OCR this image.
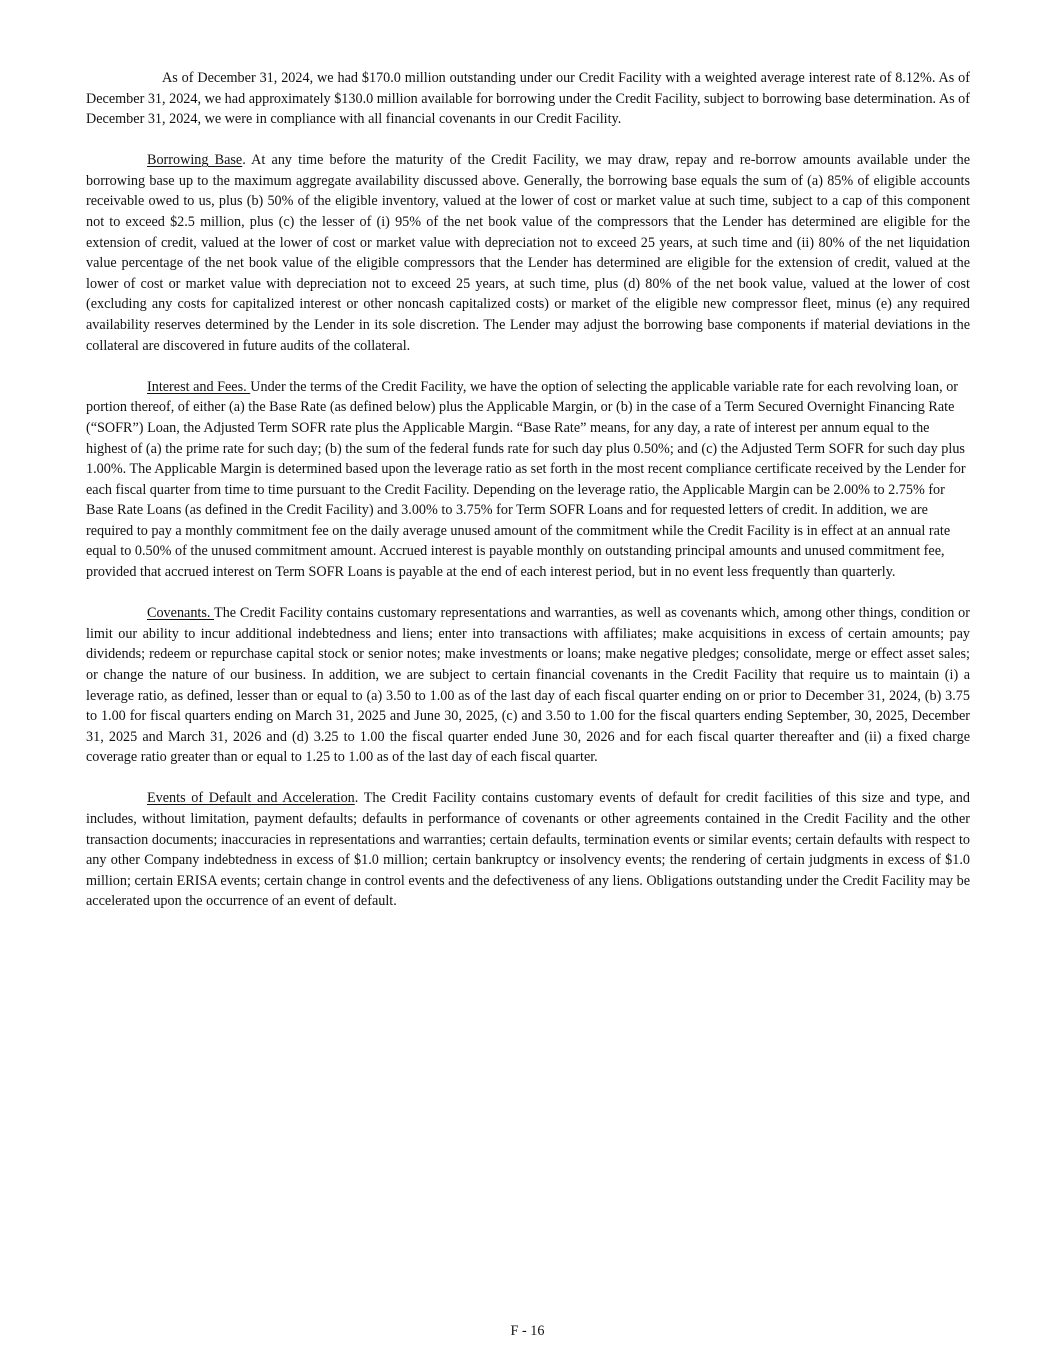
As of December 31, 2024, we had $170.0 million outstanding under our Credit Facility with a weighted average interest rate of 8.12%. As of December 31, 2024, we had approximately $130.0 million available for borrowing under the Credit Facility, subject to borrowing base determination. As of December 31, 2024, we were in compliance with all financial covenants in our Credit Facility.

Borrowing Base. At any time before the maturity of the Credit Facility, we may draw, repay and re-borrow amounts available under the borrowing base up to the maximum aggregate availability discussed above. Generally, the borrowing base equals the sum of (a) 85% of eligible accounts receivable owed to us, plus (b) 50% of the eligible inventory, valued at the lower of cost or market value at such time, subject to a cap of this component not to exceed $2.5 million, plus (c) the lesser of (i) 95% of the net book value of the compressors that the Lender has determined are eligible for the extension of credit, valued at the lower of cost or market value with depreciation not to exceed 25 years, at such time and (ii) 80% of the net liquidation value percentage of the net book value of the eligible compressors that the Lender has determined are eligible for the extension of credit, valued at the lower of cost or market value with depreciation not to exceed 25 years, at such time, plus (d) 80% of the net book value, valued at the lower of cost (excluding any costs for capitalized interest or other noncash capitalized costs) or market of the eligible new compressor fleet, minus (e) any required availability reserves determined by the Lender in its sole discretion. The Lender may adjust the borrowing base components if material deviations in the collateral are discovered in future audits of the collateral.

Interest and Fees. Under the terms of the Credit Facility, we have the option of selecting the applicable variable rate for each revolving loan, or portion thereof, of either (a) the Base Rate (as defined below) plus the Applicable Margin, or (b) in the case of a Term Secured Overnight Financing Rate (“SOFR”) Loan, the Adjusted Term SOFR rate plus the Applicable Margin. “Base Rate” means, for any day, a rate of interest per annum equal to the highest of (a) the prime rate for such day; (b) the sum of the federal funds rate for such day plus 0.50%; and (c) the Adjusted Term SOFR for such day plus 1.00%. The Applicable Margin is determined based upon the leverage ratio as set forth in the most recent compliance certificate received by the Lender for each fiscal quarter from time to time pursuant to the Credit Facility. Depending on the leverage ratio, the Applicable Margin can be 2.00% to 2.75% for Base Rate Loans (as defined in the Credit Facility) and 3.00% to 3.75% for Term SOFR Loans and for requested letters of credit. In addition, we are required to pay a monthly commitment fee on the daily average unused amount of the commitment while the Credit Facility is in effect at an annual rate equal to 0.50% of the unused commitment amount. Accrued interest is payable monthly on outstanding principal amounts and unused commitment fee, provided that accrued interest on Term SOFR Loans is payable at the end of each interest period, but in no event less frequently than quarterly.

Covenants. The Credit Facility contains customary representations and warranties, as well as covenants which, among other things, condition or limit our ability to incur additional indebtedness and liens; enter into transactions with affiliates; make acquisitions in excess of certain amounts; pay dividends; redeem or repurchase capital stock or senior notes; make investments or loans; make negative pledges; consolidate, merge or effect asset sales; or change the nature of our business. In addition, we are subject to certain financial covenants in the Credit Facility that require us to maintain (i) a leverage ratio, as defined, lesser than or equal to (a) 3.50 to 1.00 as of the last day of each fiscal quarter ending on or prior to December 31, 2024, (b) 3.75 to 1.00 for fiscal quarters ending on March 31, 2025 and June 30, 2025, (c) and 3.50 to 1.00 for the fiscal quarters ending September, 30, 2025, December 31, 2025 and March 31, 2026 and (d) 3.25 to 1.00 the fiscal quarter ended June 30, 2026 and for each fiscal quarter thereafter and (ii) a fixed charge coverage ratio greater than or equal to 1.25 to 1.00 as of the last day of each fiscal quarter.

Events of Default and Acceleration. The Credit Facility contains customary events of default for credit facilities of this size and type, and includes, without limitation, payment defaults; defaults in performance of covenants or other agreements contained in the Credit Facility and the other transaction documents; inaccuracies in representations and warranties; certain defaults, termination events or similar events; certain defaults with respect to any other Company indebtedness in excess of $1.0 million; certain bankruptcy or insolvency events; the rendering of certain judgments in excess of $1.0 million; certain ERISA events; certain change in control events and the defectiveness of any liens. Obligations outstanding under the Credit Facility may be accelerated upon the occurrence of an event of default.

F - 16
